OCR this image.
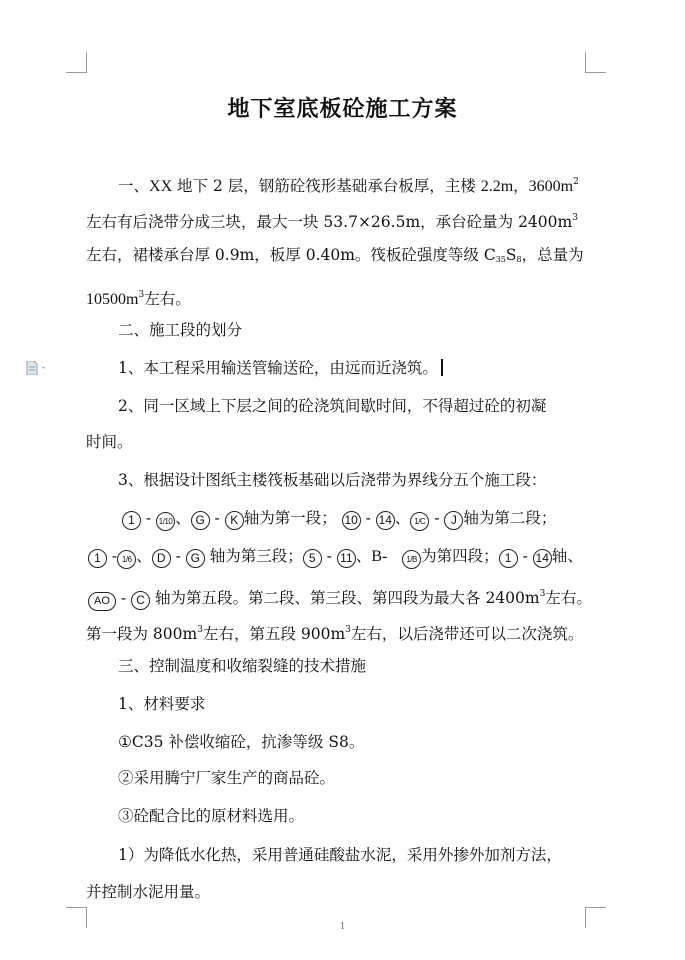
地下室底板砼施工方案
一、XX 地下 2 层，钢筋砼筏形基础承台板厚，主楼 2.2m，$3600m^2$
左右有后浇带分成三块，最大一块 53.7×26.5m，承台砼量为 $2400m^3$
左右，裙楼承台厚 0.9m，板厚 0.40m。筏板砼强度等级 $C_{35}S_8$，总量为
$10500m^3$左右。
二、施工段的划分
1、本工程采用输送管输送砼，由远而近浇筑。
2、同一区域上下层之间的砼浇筑间歇时间，不得超过砼的初凝
时间。
3、根据设计图纸主楼筏板基础以后浇带为界线分五个施工段：
1 - 1/10 、 G - K 轴为第一段； 10 - 14 、 1/C - J 轴为第二段；
1 - 1/6 、 D - G 轴为第三段； 5 - 11 、B- 1/B 为第四段； 1 - 14 轴、
AO - C 轴为第五段。第二段、第三段、第四段为最大各 $2400m^3$左右。
第一段为 $800m^3$左右，第五段 $900m^3$左右，以后浇带还可以二次浇筑。
三、控制温度和收缩裂缝的技术措施
1、材料要求
①C35 补偿收缩砼，抗渗等级 S8。
②采用腾宁厂家生产的商品砼。
③砼配合比的原材料选用。
1）为降低水化热，采用普通硅酸盐水泥，采用外掺外加剂方法，
并控制水泥用量。
1
